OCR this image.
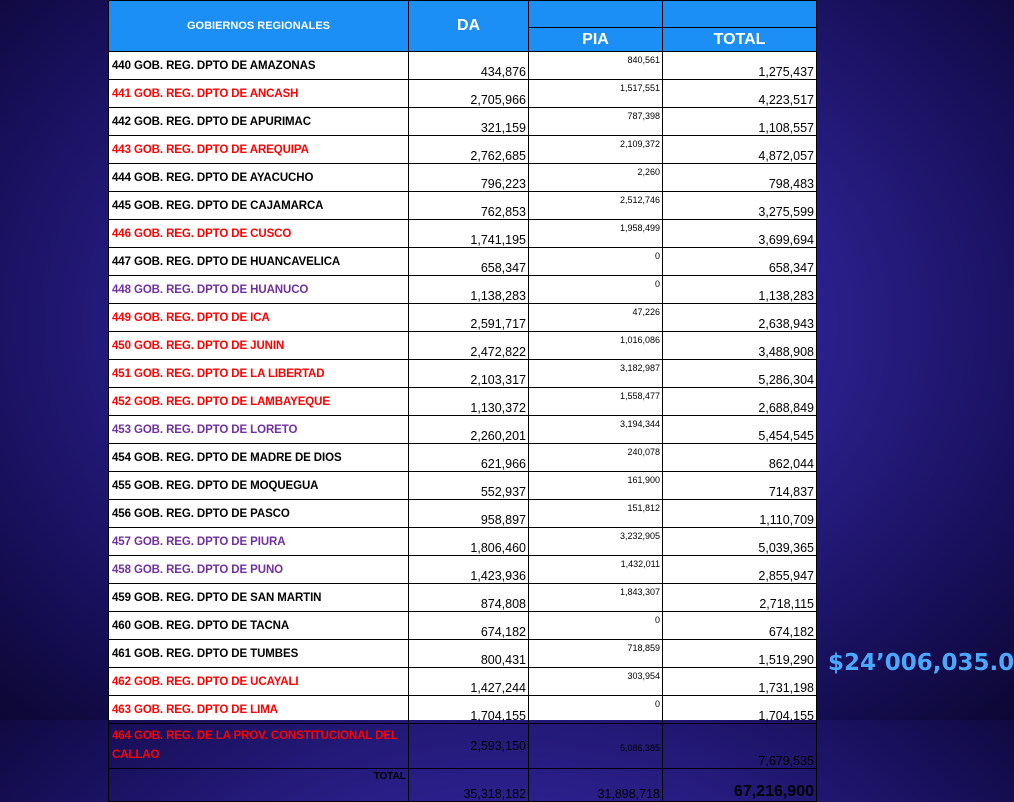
GOBIERNOS REGIONALES	DA		
		PIA	TOTAL
440 GOB. REG. DPTO DE AMAZONAS	434,876	840,561	1,275,437
441 GOB. REG. DPTO DE ANCASH	2,705,966	1,517,551	4,223,517
442 GOB. REG. DPTO DE APURIMAC	321,159	787,398	1,108,557
443 GOB. REG. DPTO DE AREQUIPA	2,762,685	2,109,372	4,872,057
444 GOB. REG. DPTO DE AYACUCHO	796,223	2,260	798,483
445 GOB. REG. DPTO DE CAJAMARCA	762,853	2,512,746	3,275,599
446 GOB. REG. DPTO DE CUSCO	1,741,195	1,958,499	3,699,694
447 GOB. REG. DPTO DE HUANCAVELICA	658,347	0	658,347
448 GOB. REG. DPTO DE HUANUCO	1,138,283	0	1,138,283
449 GOB. REG. DPTO DE ICA	2,591,717	47,226	2,638,943
450 GOB. REG. DPTO DE JUNIN	2,472,822	1,016,086	3,488,908
451 GOB. REG. DPTO DE LA LIBERTAD	2,103,317	3,182,987	5,286,304
452 GOB. REG. DPTO DE LAMBAYEQUE	1,130,372	1,558,477	2,688,849
453 GOB. REG. DPTO DE LORETO	2,260,201	3,194,344	5,454,545
454 GOB. REG. DPTO DE MADRE DE DIOS	621,966	240,078	862,044
455 GOB. REG. DPTO DE MOQUEGUA	552,937	161,900	714,837
456 GOB. REG. DPTO DE PASCO	958,897	151,812	1,110,709
457 GOB. REG. DPTO DE PIURA	1,806,460	3,232,905	5,039,365
458 GOB. REG. DPTO DE PUNO	1,423,936	1,432,011	2,855,947
459 GOB. REG. DPTO DE SAN MARTIN	874,808	1,843,307	2,718,115
460 GOB. REG. DPTO DE TACNA	674,182	0	674,182
461 GOB. REG. DPTO DE TUMBES	800,431	718,859	1,519,290
462 GOB. REG. DPTO DE UCAYALI	1,427,244	303,954	1,731,198
463 GOB. REG. DPTO DE LIMA	1,704,155	0	1,704,155
464 GOB. REG. DE LA PROV. CONSTITUCIONAL DEL CALLAO	2,593,150	5,086,385	7,679,535
TOTAL	35,318,182	31,898,718	67,216,900
$24’006,035.0
